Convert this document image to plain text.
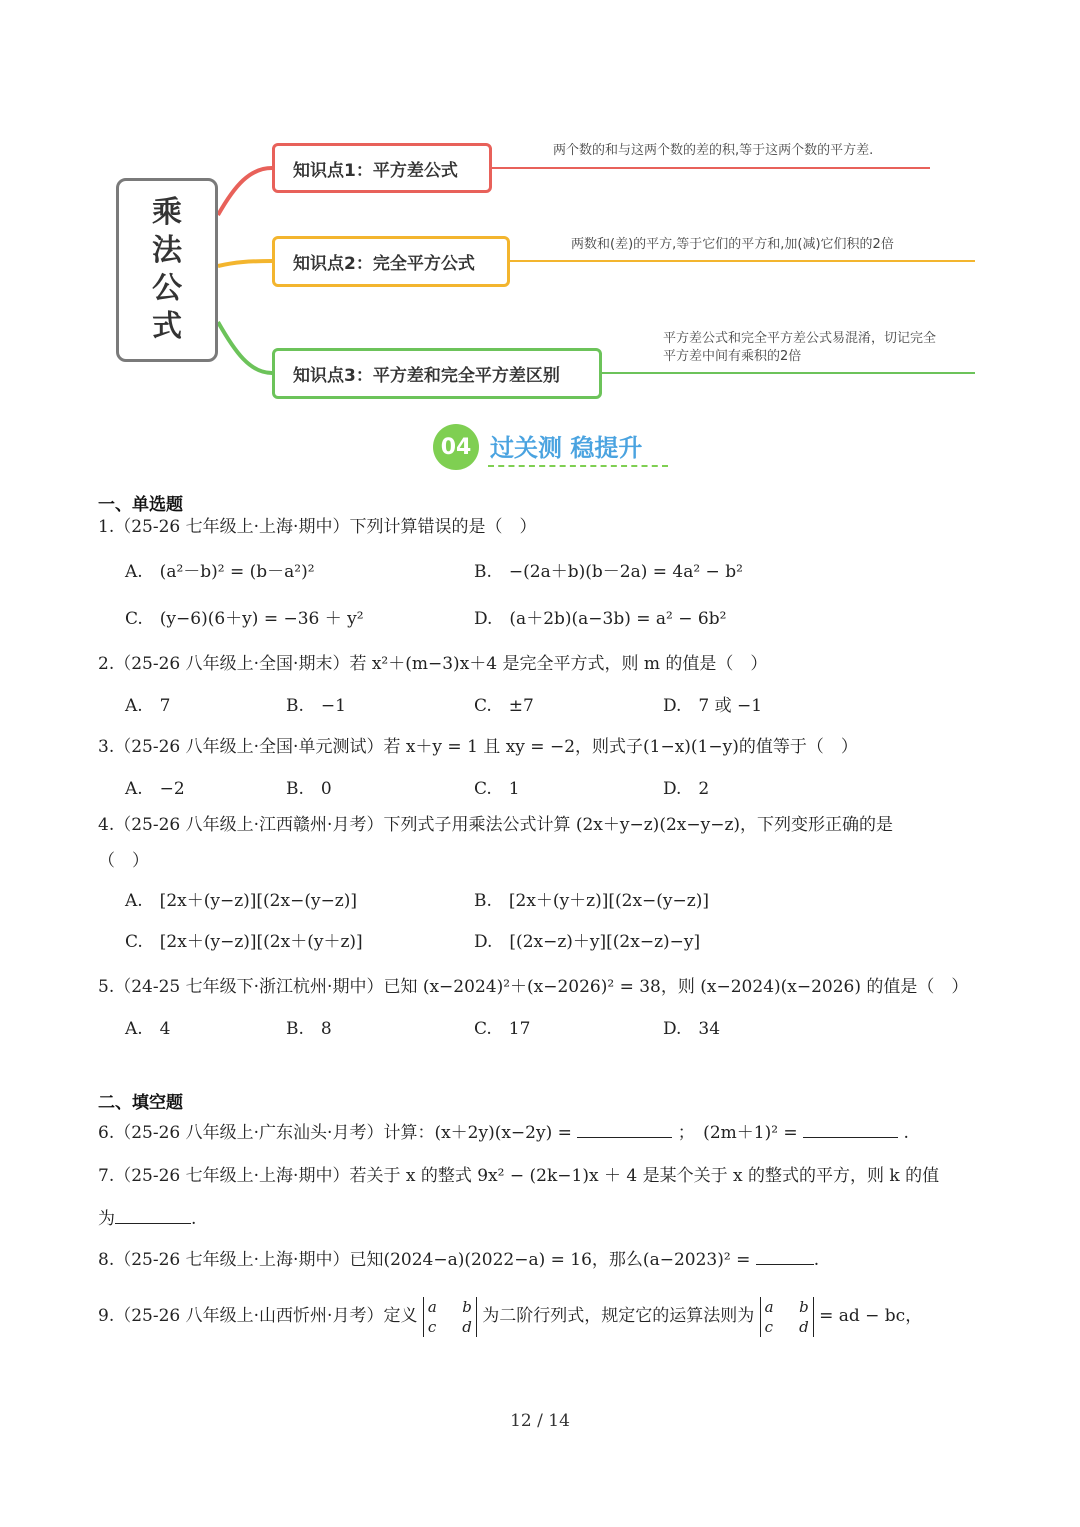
乘法公式
知识点1：平方差公式
知识点2：完全平方公式
知识点3：平方差和完全平方差区别
两个数的和与这两个数的差的积,等于这两个数的平方差.
两数和(差)的平方,等于它们的平方和,加(减)它们积的2倍
平方差公式和完全平方差公式易混淆，切记完全
平方差中间有乘积的2倍
04 过关测 稳提升
一、单选题
1.（25-26 七年级上·上海·期中）下列计算错误的是（　）
A.　(a²－b)² = (b－a²)²	B.　−(2a＋b)(b－2a) = 4a² − b²
C.　(y−6)(6＋y) = −36 ＋ y²	D.　(a＋2b)(a−3b) = a² − 6b²
2.（25-26 八年级上·全国·期末）若 x²＋(m−3)x＋4 是完全平方式，则 m 的值是（　）
A.　7	B.　−1	C.　±7	D.　7 或 −1
3.（25-26 八年级上·全国·单元测试）若 x＋y = 1 且 xy = −2，则式子(1−x)(1−y)的值等于（　）
A.　−2	B.　0	C.　1	D.　2
4.（25-26 八年级上·江西赣州·月考）下列式子用乘法公式计算 (2x＋y−z)(2x−y−z)，下列变形正确的是
（　）
A.　[2x＋(y−z)][(2x−(y−z)]	B.　[2x＋(y＋z)][(2x−(y−z)]
C.　[2x＋(y−z)][(2x＋(y＋z)]	D.　[(2x−z)＋y][(2x−z)−y]
5.（24-25 七年级下·浙江杭州·期中）已知 (x−2024)²＋(x−2026)² = 38，则 (x−2024)(x−2026) 的值是（　）
A.　4	B.　8	C.　17	D.　34
二、填空题
6.（25-26 八年级上·广东汕头·月考）计算：(x＋2y)(x−2y) =	；　(2m＋1)² =	.
7.（25-26 七年级上·上海·期中）若关于 x 的整式 9x² − (2k−1)x ＋ 4 是某个关于 x 的整式的平方，则 k 的值
为	.
8.（25-26 七年级上·上海·期中）已知(2024−a)(2022−a) = 16，那么(a−2023)² =	.
9.（25-26 八年级上·山西忻州·月考）定义 a b
c d
为二阶行列式，规定它的运算法则为 a b
c d
= ad − bc，
12 / 14
